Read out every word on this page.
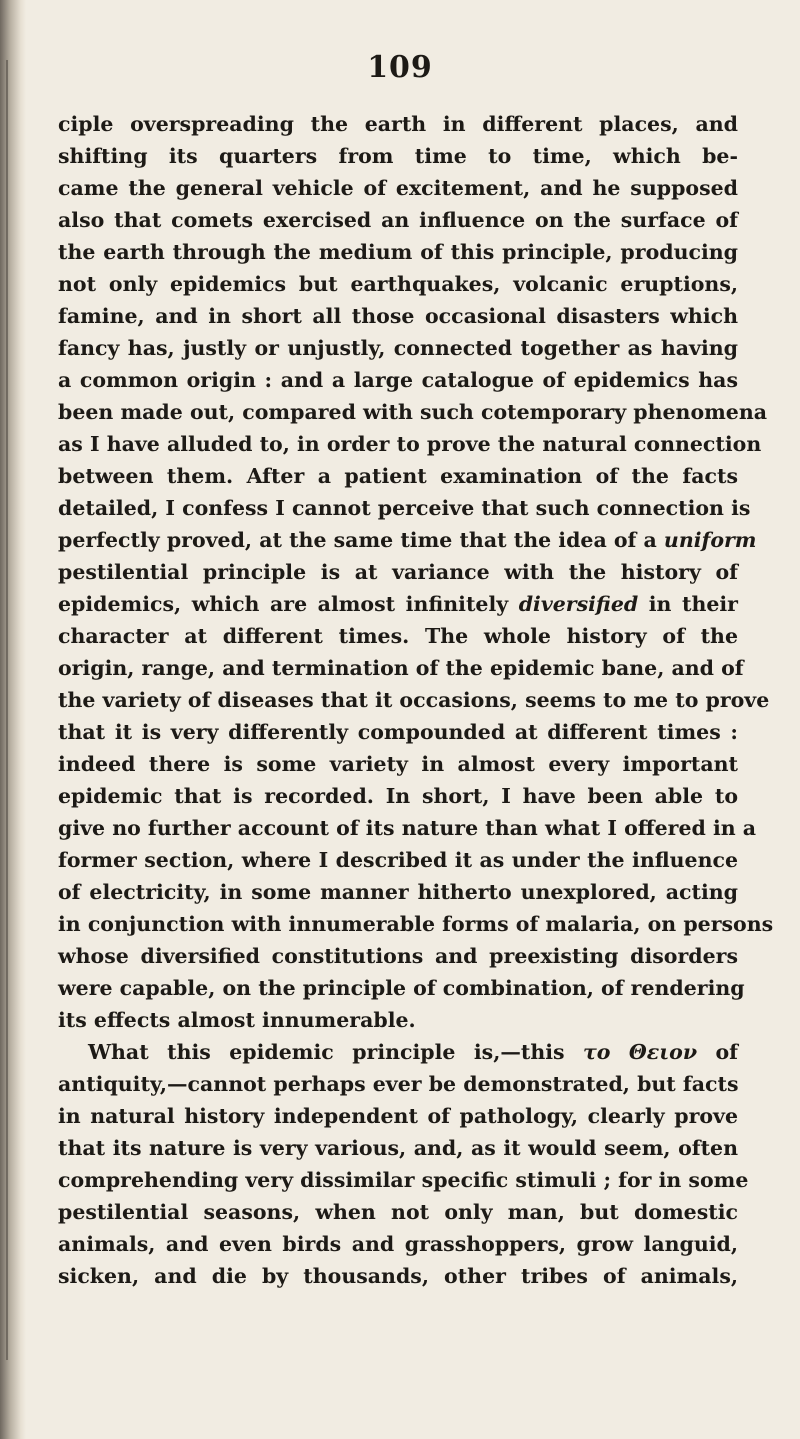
109
ciple overspreading the earth in different places, and
shifting its quarters from time to time, which be-
came the general vehicle of excitement, and he supposed
also that comets exercised an influence on the surface of
the earth through the medium of this principle, producing
not only epidemics but earthquakes, volcanic eruptions,
famine, and in short all those occasional disasters which
fancy has, justly or unjustly, connected together as having
a common origin : and a large catalogue of epidemics has
been made out, compared with such cotemporary phenomena
as I have alluded to, in order to prove the natural connection
between them. After a patient examination of the facts
detailed, I confess I cannot perceive that such connection is
perfectly proved, at the same time that the idea of a uniform
pestilential principle is at variance with the history of
epidemics, which are almost infinitely diversified in their
character at different times. The whole history of the
origin, range, and termination of the epidemic bane, and of
the variety of diseases that it occasions, seems to me to prove
that it is very differently compounded at different times :
indeed there is some variety in almost every important
epidemic that is recorded. In short, I have been able to
give no further account of its nature than what I offered in a
former section, where I described it as under the influence
of electricity, in some manner hitherto unexplored, acting
in conjunction with innumerable forms of malaria, on persons
whose diversified constitutions and preexisting disorders
were capable, on the principle of combination, of rendering
its effects almost innumerable.
What this epidemic principle is,—this το Θειον of
antiquity,—cannot perhaps ever be demonstrated, but facts
in natural history independent of pathology, clearly prove
that its nature is very various, and, as it would seem, often
comprehending very dissimilar specific stimuli ; for in some
pestilential seasons, when not only man, but domestic
animals, and even birds and grasshoppers, grow languid,
sicken, and die by thousands, other tribes of animals,
